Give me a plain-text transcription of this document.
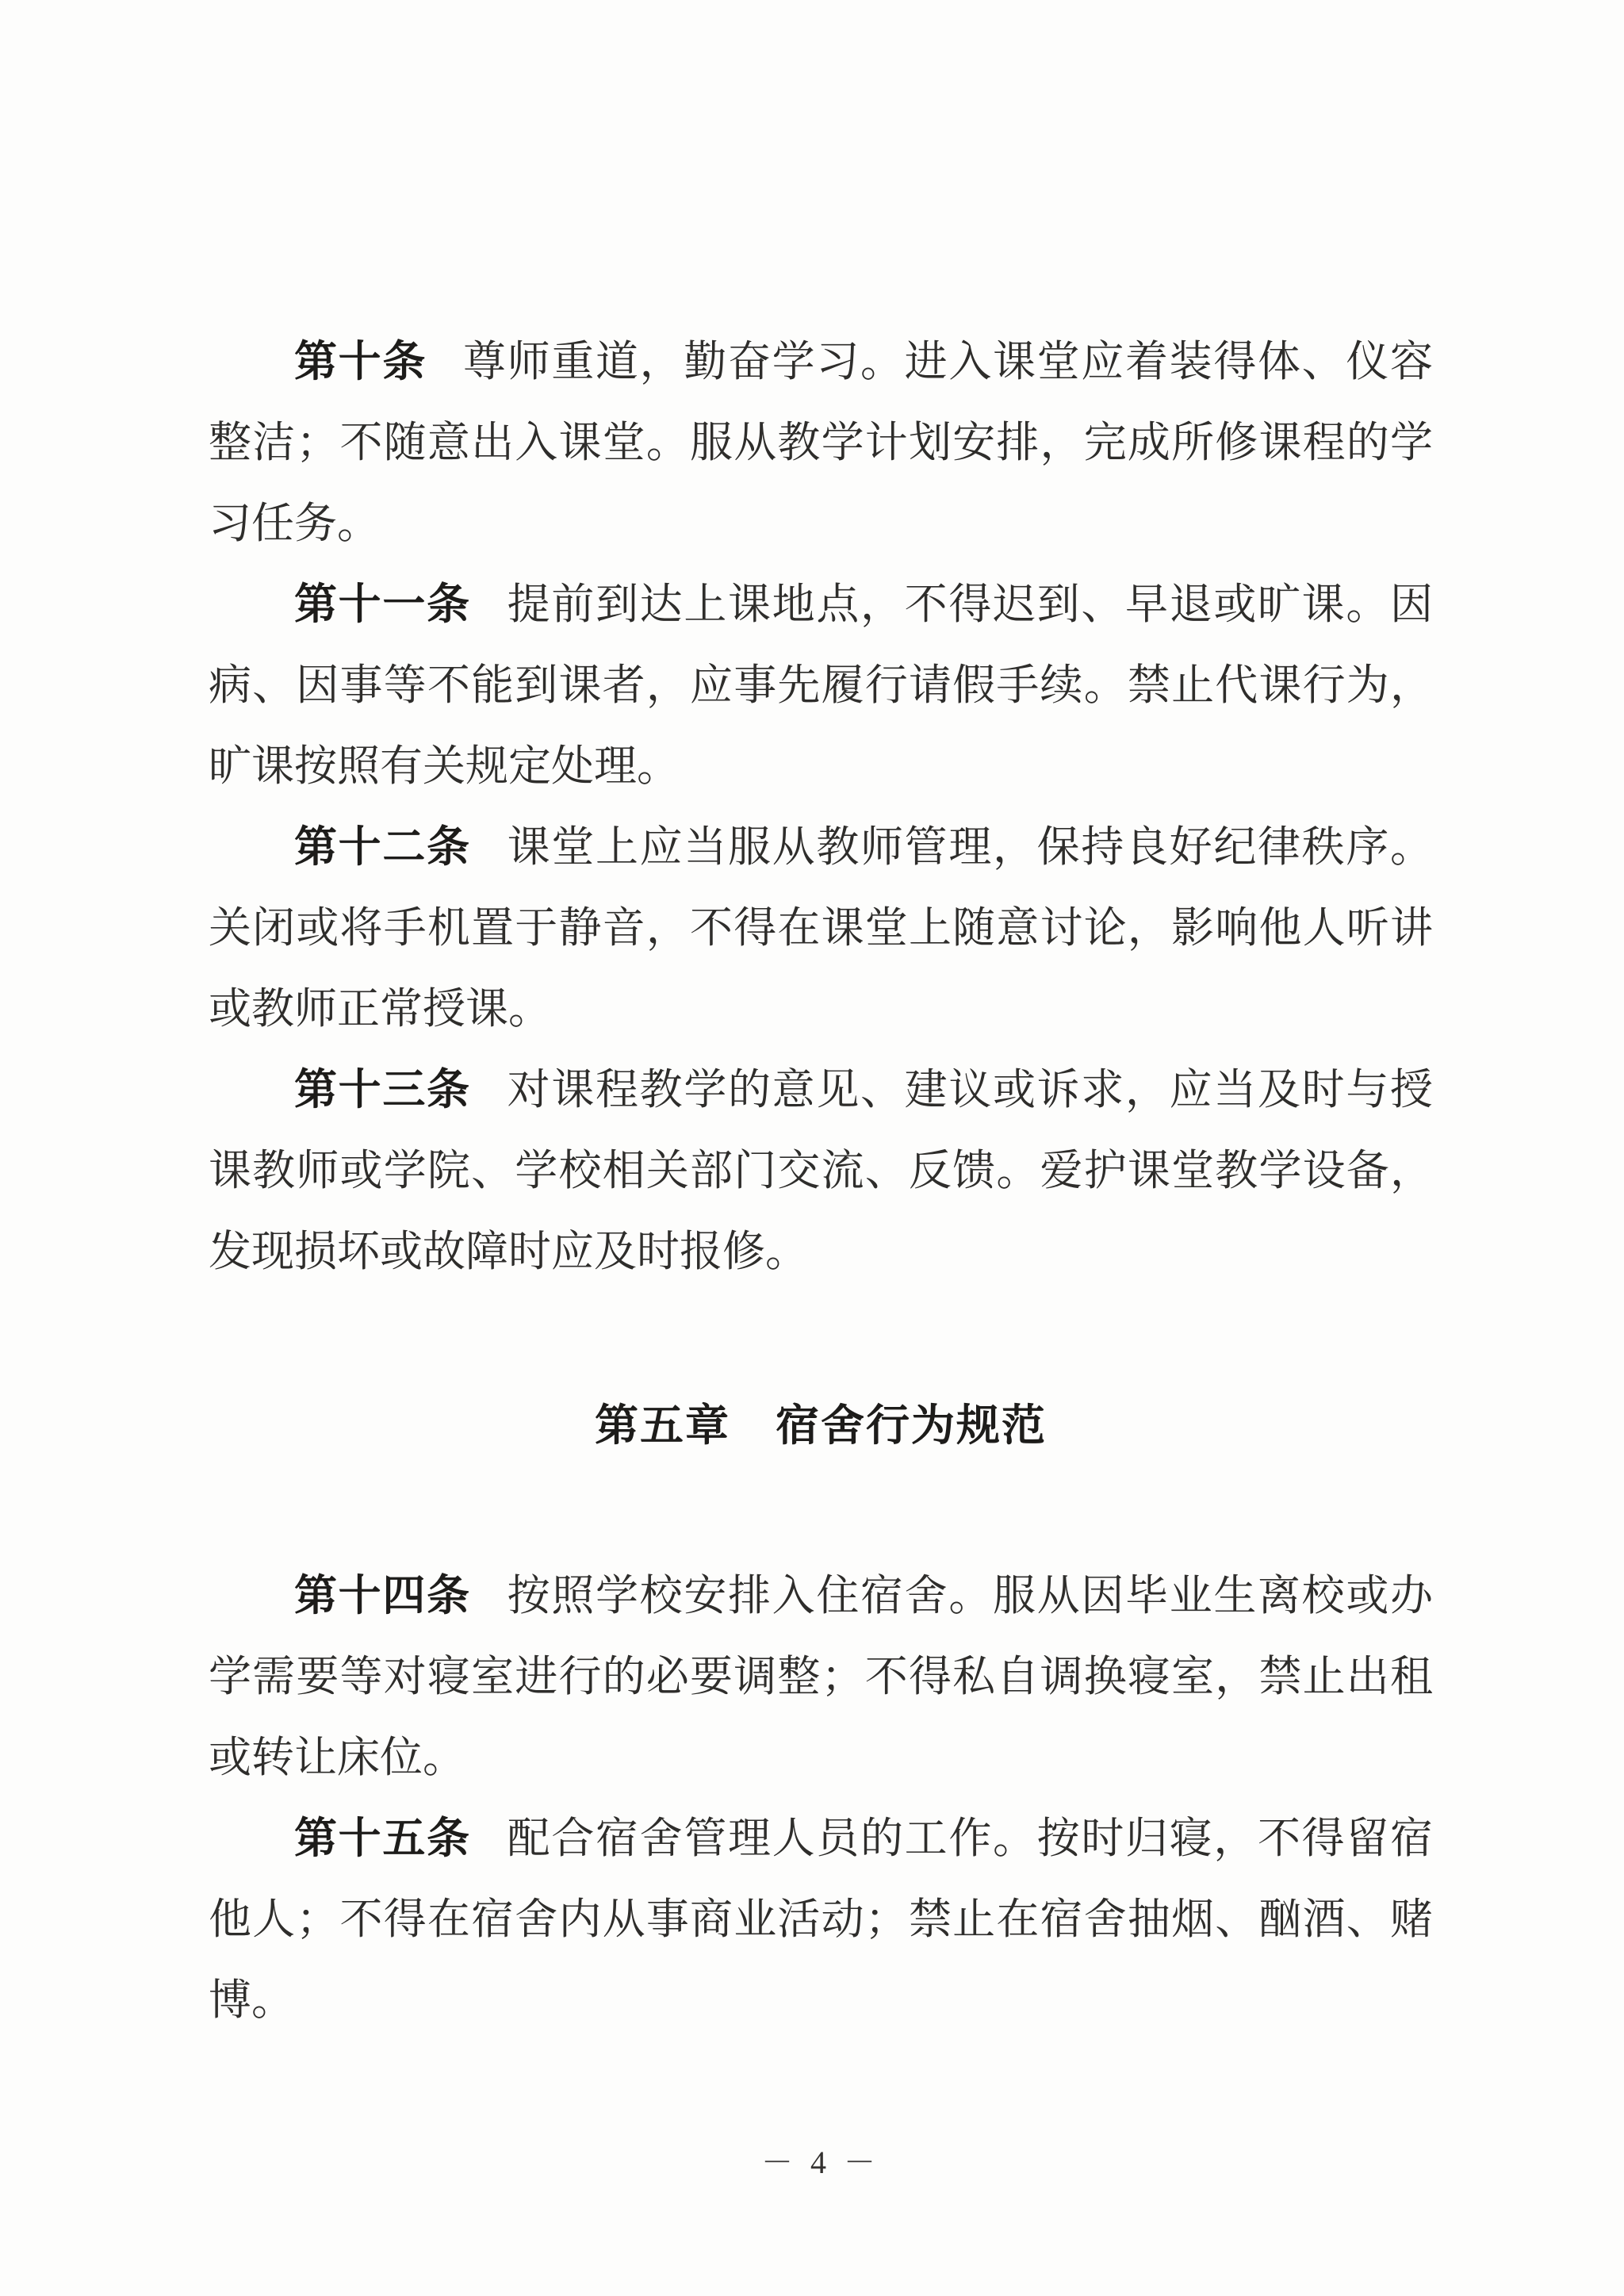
第十条 尊师重道，勤奋学习。进入课堂应着装得体、仪容
整洁；不随意出入课堂。服从教学计划安排，完成所修课程的学
习任务。
第十一条 提前到达上课地点，不得迟到、早退或旷课。因
病、因事等不能到课者，应事先履行请假手续。禁止代课行为，
旷课按照有关规定处理。
第十二条 课堂上应当服从教师管理，保持良好纪律秩序。
关闭或将手机置于静音，不得在课堂上随意讨论，影响他人听讲
或教师正常授课。
第十三条 对课程教学的意见、建议或诉求，应当及时与授
课教师或学院、学校相关部门交流、反馈。爱护课堂教学设备，
发现损坏或故障时应及时报修。
第五章　宿舍行为规范
第十四条 按照学校安排入住宿舍。服从因毕业生离校或办
学需要等对寝室进行的必要调整；不得私自调换寝室，禁止出租
或转让床位。
第十五条 配合宿舍管理人员的工作。按时归寝，不得留宿
他人；不得在宿舍内从事商业活动；禁止在宿舍抽烟、酗酒、赌
博。
－ 4 －
